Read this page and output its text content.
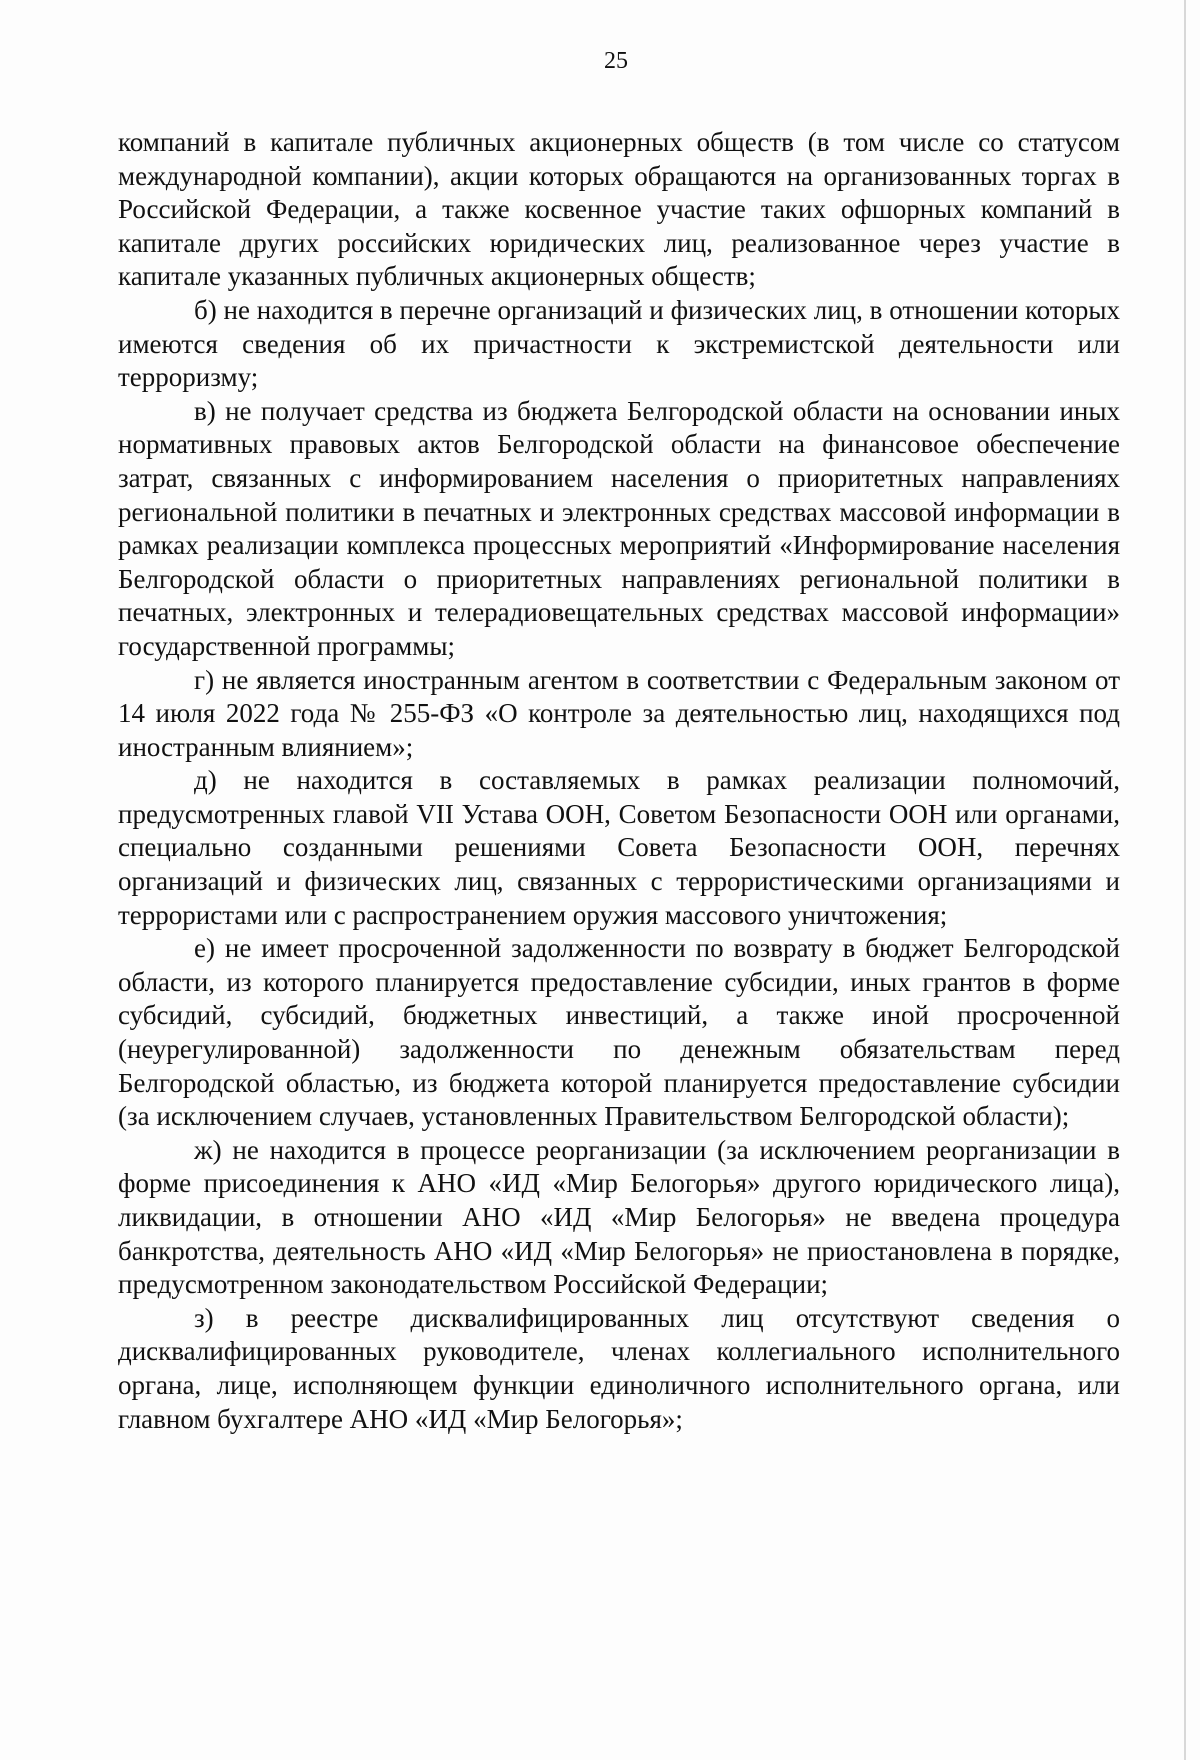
25

компаний в капитале публичных акционерных обществ (в том числе со статусом международной компании), акции которых обращаются на организованных торгах в Российской Федерации, а также косвенное участие таких офшорных компаний в капитале других российских юридических лиц, реализованное через участие в капитале указанных публичных акционерных обществ;

б) не находится в перечне организаций и физических лиц, в отношении которых имеются сведения об их причастности к экстремистской деятельности или терроризму;

в) не получает средства из бюджета Белгородской области на основании иных нормативных правовых актов Белгородской области на финансовое обеспечение затрат, связанных с информированием населения о приоритетных направлениях региональной политики в печатных и электронных средствах массовой информации в рамках реализации комплекса процессных мероприятий «Информирование населения Белгородской области о приоритетных направлениях региональной политики в печатных, электронных и телерадиовещательных средствах массовой информации» государственной программы;

г) не является иностранным агентом в соответствии с Федеральным законом от 14 июля 2022 года № 255-ФЗ «О контроле за деятельностью лиц, находящихся под иностранным влиянием»;

д) не находится в составляемых в рамках реализации полномочий, предусмотренных главой VII Устава ООН, Советом Безопасности ООН или органами, специально созданными решениями Совета Безопасности ООН, перечнях организаций и физических лиц, связанных с террористическими организациями и террористами или с распространением оружия массового уничтожения;

е) не имеет просроченной задолженности по возврату в бюджет Белгородской области, из которого планируется предоставление субсидии, иных грантов в форме субсидий, субсидий, бюджетных инвестиций, а также иной просроченной (неурегулированной) задолженности по денежным обязательствам перед Белгородской областью, из бюджета которой планируется предоставление субсидии (за исключением случаев, установленных Правительством Белгородской области);

ж) не находится в процессе реорганизации (за исключением реорганизации в форме присоединения к АНО «ИД «Мир Белогорья» другого юридического лица), ликвидации, в отношении АНО «ИД «Мир Белогорья» не введена процедура банкротства, деятельность АНО «ИД «Мир Белогорья» не приостановлена в порядке, предусмотренном законодательством Российской Федерации;

з) в реестре дисквалифицированных лиц отсутствуют сведения о дисквалифицированных руководителе, членах коллегиального исполнительного органа, лице, исполняющем функции единоличного исполнительного органа, или главном бухгалтере АНО «ИД «Мир Белогорья»;
